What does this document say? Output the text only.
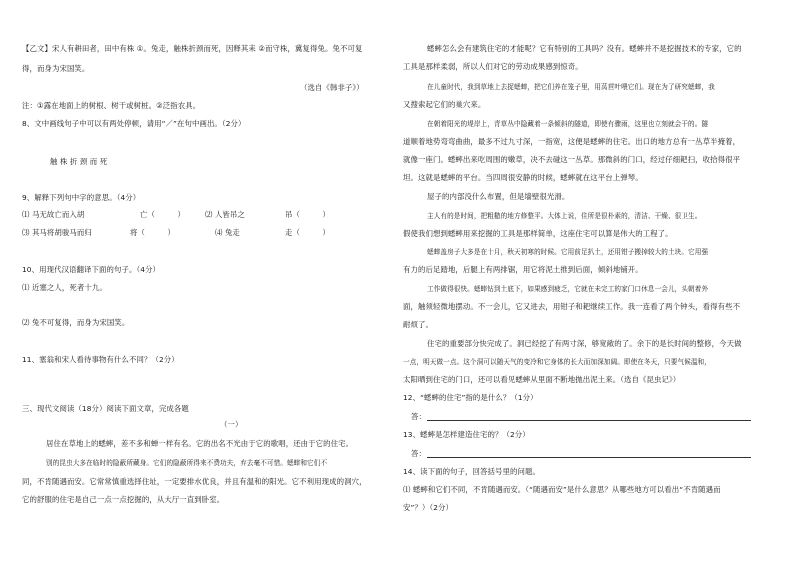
【乙文】宋人有耕田者，田中有株 ①。兔走，触株折颈而死，因释其耒 ②而守株，冀复得兔。兔不可复
得，而身为宋国笑。
（选自《韩非子》）
注：①露在地面上的树根、树干或树桩。②泛指农具。
8、文中画线句子中可以有两处停顿，请用“／”在句中画出。（2分）
触 株 折 颈 而 死
9、解释下列句中字的意思。（4分）
⑴ 马无故亡而入胡	亡（　　　）	⑵ 人皆吊之	吊（　　　）
⑶ 其马将胡骏马而归	将（　　　）	⑷ 兔走	走（　　　）
10、用现代汉语翻译下面的句子。（4分）
⑴ 近塞之人，死者十九。
⑵ 兔不可复得，而身为宋国笑。
11、塞翁和宋人看待事物有什么不同？（2分）
三、现代文阅读（18分）阅读下面文章，完成各题
（一）
居住在草地上的蟋蟀，差不多和蝉一样有名。它的出名不光由于它的歌唱，还由于它的住宅。
别的昆虫大多在临时的隐蔽所藏身。它们的隐蔽所得来不费功夫，弃去毫不可惜。蟋蟀和它们不
同，不肯随遇而安。它常常慎重选择住址，一定要排水优良，并且有温和的阳光。它不利用现成的洞穴，
它的舒服的住宅是自己一点一点挖掘的，从大厅一直到卧室。
蟋蟀怎么会有建筑住宅的才能呢？它有特别的工具吗？没有。蟋蟀并不是挖掘技术的专家，它的
工具是那样柔弱，所以人们对它的劳动成果感到惊奇。
在儿童时代，我到草地上去捉蟋蟀，把它们养在笼子里，用莴苣叶喂它们。现在为了研究蟋蟀，我
又搜索起它们的巢穴来。
在朝着阳光的堤岸上，青草丛中隐藏着一条倾斜的隧道，即使有骤雨，这里也立刻就会干的。隧
道顺着地势弯弯曲曲，最多不过九寸深，一指宽，这便是蟋蟀的住宅。出口的地方总有一丛草半掩着，
就像一座门。蟋蟀出来吃周围的嫩草，决不去碰这一丛草。那微斜的门口，经过仔细耙扫，收拾得很平
坦。这就是蟋蟀的平台。当四周很安静的时候，蟋蟀就在这平台上弹琴。
屋子的内部没什么布置，但是墙壁很光滑。
主人有的是时间，把粗糙的地方修整平。大体上说，住所是很朴素的，清洁、干燥、很卫生。
假使我们想到蟋蟀用来挖掘的工具是那样简单，这座住宅可以算是伟大的工程了。
蟋蟀盖房子大多是在十月，秋天初寒的时候。它用前足扒土，还用钳子搬掉较大的土块。它用强
有力的后足踏地，后腿上有两排锯，用它将泥土推到后面，倾斜地铺开。
工作做得很快。蟋蟀钻到土底下，如果感到疲乏，它就在未完工的家门口休息一会儿，头朝着外
面，触须轻微地摆动。不一会儿，它又进去，用钳子和耙继续工作。我一连看了两个钟头，看得有些不
耐烦了。
住宅的重要部分快完成了。洞已经挖了有两寸深，够宽敞的了。余下的是长时间的整修，今天做
一点，明天做一点。这个洞可以随天气的变冷和它身体的长大而加深加阔。即使在冬天，只要气候温和，
太阳晒到住宅的门口，还可以看见蟋蟀从里面不断地抛出泥土来。（选自《昆虫记》）
12、“蟋蟀的住宅”指的是什么？（1分）
答：
13、蟋蟀是怎样建造住宅的？（2分）
答：
14、读下面的句子，回答括号里的问题。
⑴ 蟋蟀和它们不同，不肯随遇而安。（“随遇而安”是什么意思？从哪些地方可以看出“不肯随遇而
安”？）（2分）
